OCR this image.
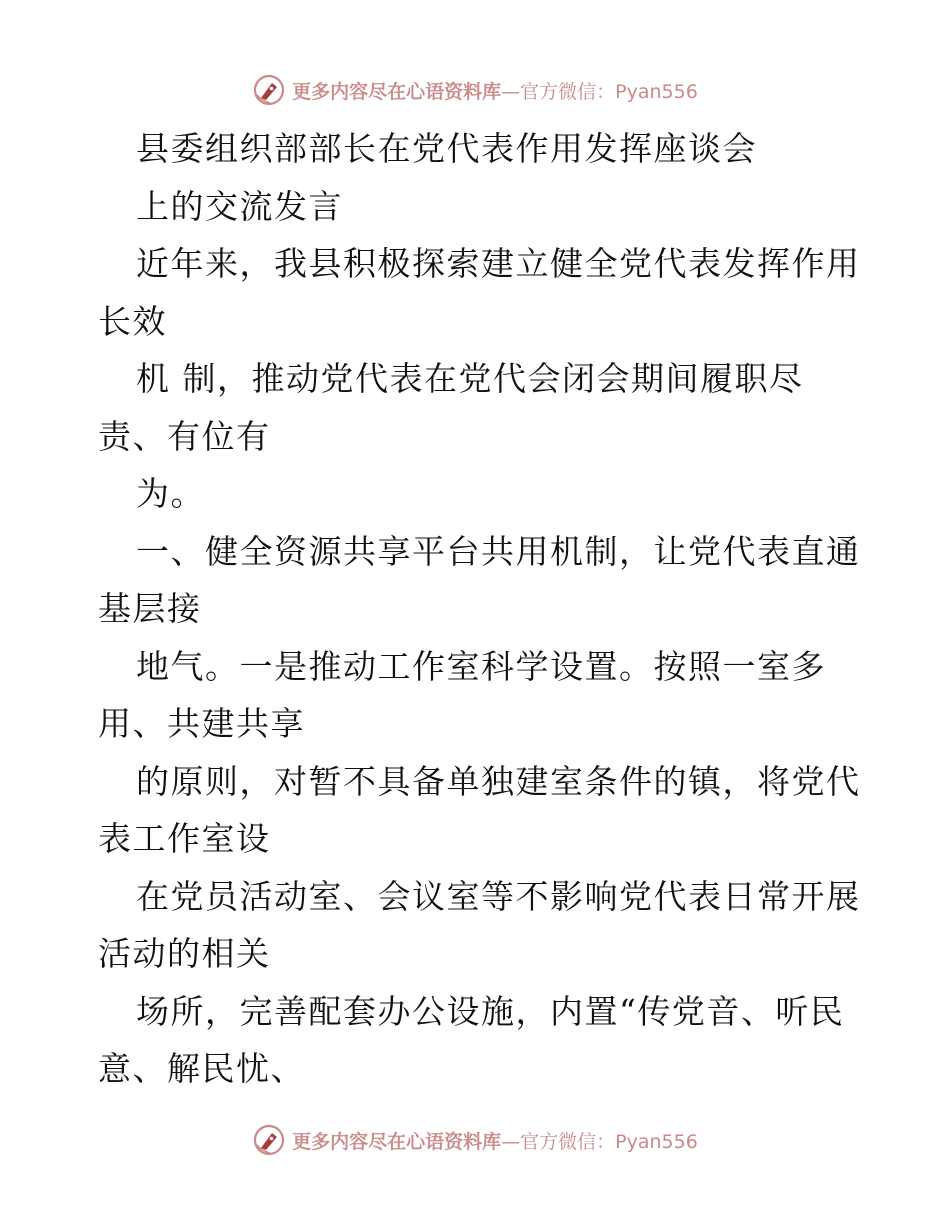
更多内容尽在心语资料库 —官方微信：Pyan556
县委组织部部长在党代表作用发挥座谈会
上的交流发言
近年来，我县积极探索建立健全党代表发挥作用
长效
机 制，推动党代表在党代会闭会期间履职尽
责、有位有
为。
一、健全资源共享平台共用机制，让党代表直通
基层接
地气。一是推动工作室科学设置。按照一室多
用、共建共享
的原则，对暂不具备单独建室条件的镇，将党代
表工作室设
在党员活动室、会议室等不影响党代表日常开展
活动的相关
场所，完善配套办公设施，内置“传党音、听民
意、解民忧、
更多内容尽在心语资料库 —官方微信：Pyan556
